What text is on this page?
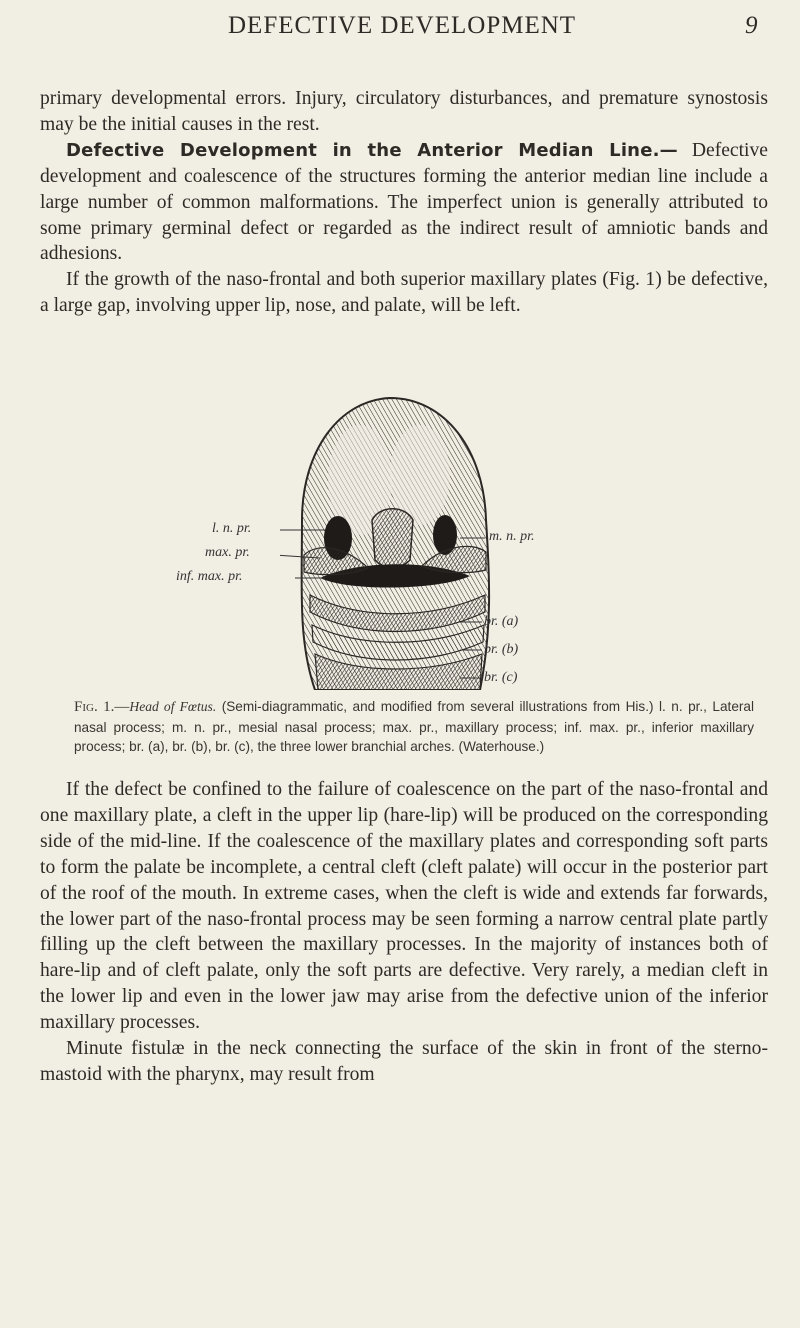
DEFECTIVE DEVELOPMENT	9

primary developmental errors. Injury, circulatory disturbances, and premature synostosis may be the initial causes in the rest.

Defective Development in the Anterior Median Line.— Defective development and coalescence of the structures forming the anterior median line include a large number of common malformations. The imperfect union is generally attributed to some primary germinal defect or regarded as the indirect result of amniotic bands and adhesions.

If the growth of the naso-frontal and both superior maxillary plates (Fig. 1) be defective, a large gap, involving upper lip, nose, and palate, will be left.

l. n. pr.
max. pr.
inf. max. pr.
m. n. pr.
br. (a)
br. (b)
br. (c)
Fig. 1.—Head of Fœtus. (Semi-diagrammatic, and modified from several illustrations from His.) l. n. pr., Lateral nasal process; m. n. pr., mesial nasal process; max. pr., maxillary process; inf. max. pr., inferior maxillary process; br. (a), br. (b), br. (c), the three lower branchial arches. (Waterhouse.)

If the defect be confined to the failure of coalescence on the part of the naso-frontal and one maxillary plate, a cleft in the upper lip (hare-lip) will be produced on the corresponding side of the mid-line. If the coalescence of the maxillary plates and corresponding soft parts to form the palate be incomplete, a central cleft (cleft palate) will occur in the posterior part of the roof of the mouth. In extreme cases, when the cleft is wide and extends far forwards, the lower part of the naso-frontal process may be seen forming a narrow central plate partly filling up the cleft between the maxillary processes. In the majority of instances both of hare-lip and of cleft palate, only the soft parts are defective. Very rarely, a median cleft in the lower lip and even in the lower jaw may arise from the defective union of the inferior maxillary processes.

Minute fistulæ in the neck connecting the surface of the skin in front of the sterno-mastoid with the pharynx, may result from
